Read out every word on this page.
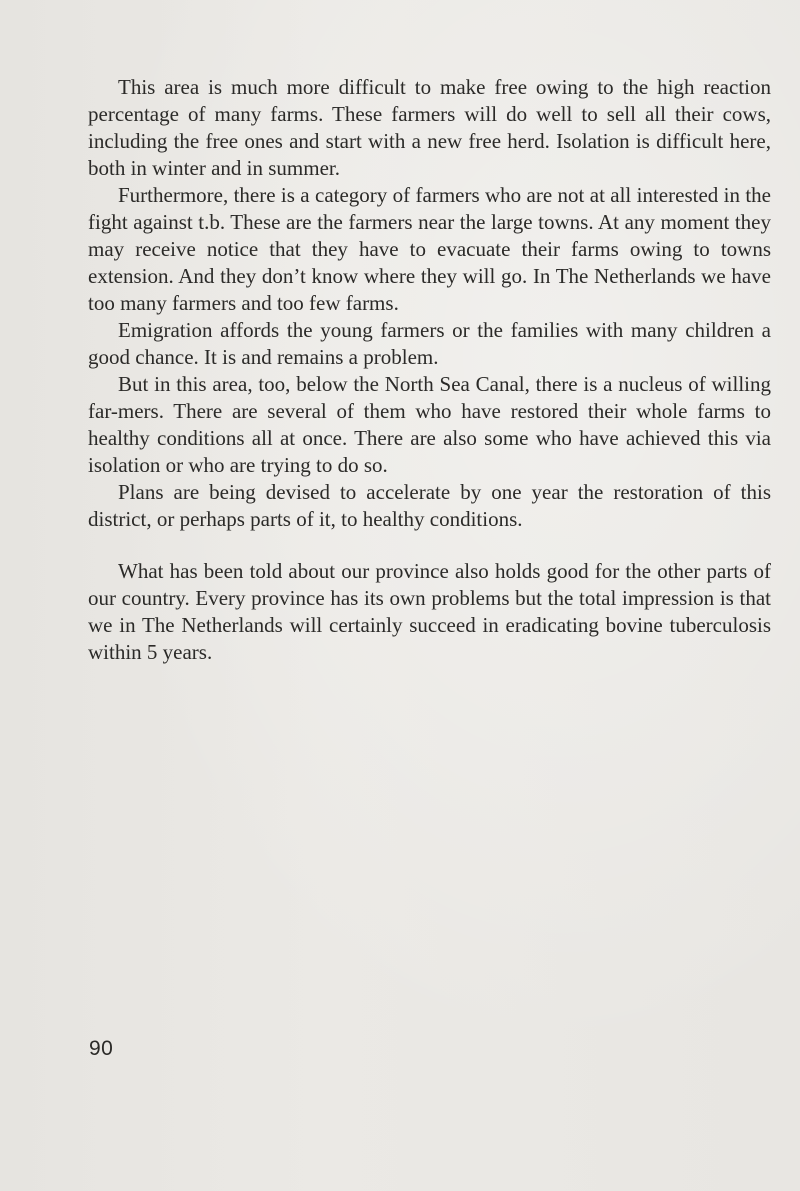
This area is much more difficult to make free owing to the high reaction percentage of many farms. These farmers will do well to sell all their cows, including the free ones and start with a new free herd. Isolation is difficult here, both in winter and in summer.

Furthermore, there is a category of farmers who are not at all interested in the fight against t.b. These are the farmers near the large towns. At any moment they may receive notice that they have to evacuate their farms owing to towns extension. And they don’t know where they will go. In The Netherlands we have too many farmers and too few farms.

Emigration affords the young farmers or the families with many children a good chance. It is and remains a problem.

But in this area, too, below the North Sea Canal, there is a nucleus of willing far-mers. There are several of them who have restored their whole farms to healthy conditions all at once. There are also some who have achieved this via isolation or who are trying to do so.

Plans are being devised to accelerate by one year the restoration of this district, or perhaps parts of it, to healthy conditions.

What has been told about our province also holds good for the other parts of our country. Every province has its own problems but the total impression is that we in The Netherlands will certainly succeed in eradicating bovine tuberculosis within 5 years.

90
